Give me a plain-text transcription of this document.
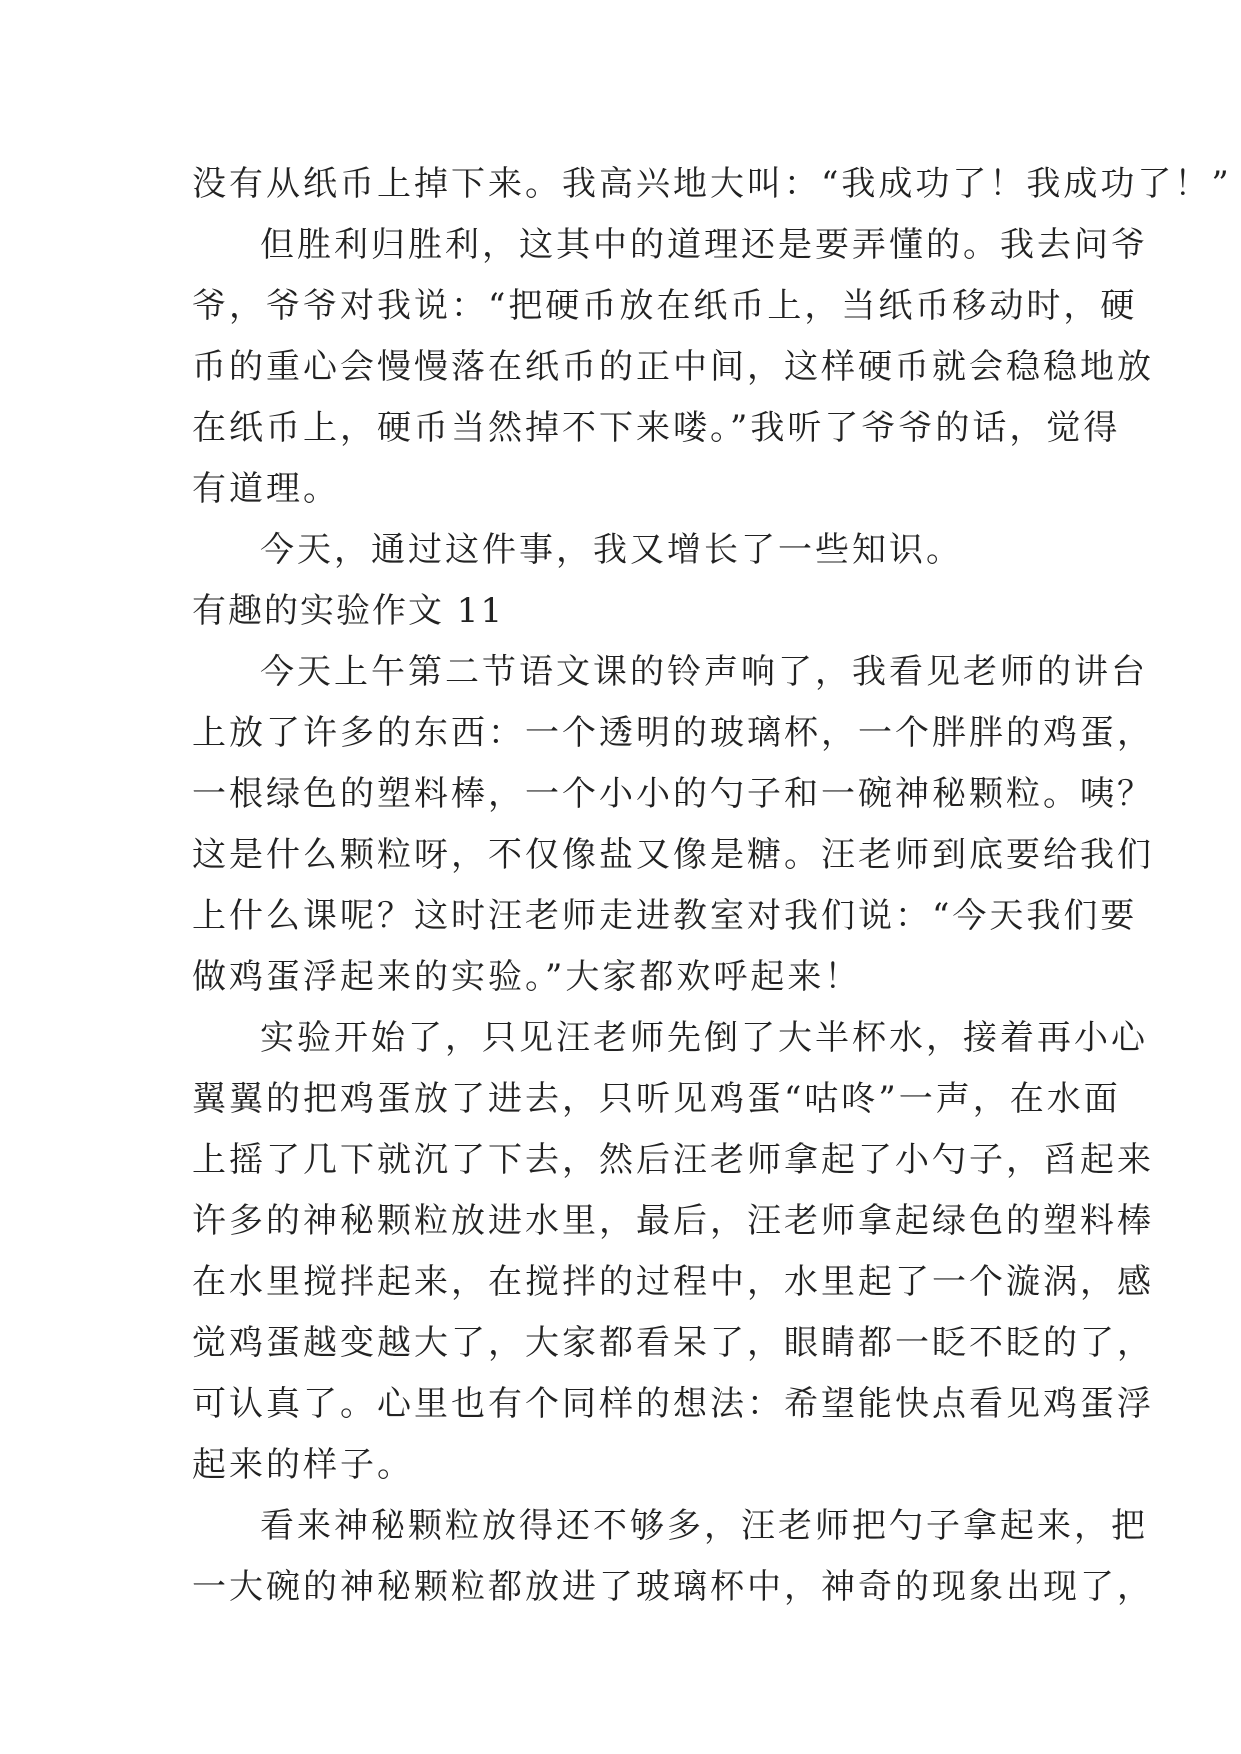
没有从纸币上掉下来。我高兴地大叫：“我成功了！我成功了！”
但胜利归胜利，这其中的道理还是要弄懂的。我去问爷
爷，爷爷对我说：“把硬币放在纸币上，当纸币移动时，硬
币的重心会慢慢落在纸币的正中间，这样硬币就会稳稳地放
在纸币上，硬币当然掉不下来喽。”我听了爷爷的话，觉得
有道理。
今天，通过这件事，我又增长了一些知识。
有趣的实验作文 11
今天上午第二节语文课的铃声响了，我看见老师的讲台
上放了许多的东西：一个透明的玻璃杯，一个胖胖的鸡蛋，
一根绿色的塑料棒，一个小小的勺子和一碗神秘颗粒。咦？
这是什么颗粒呀，不仅像盐又像是糖。汪老师到底要给我们
上什么课呢？这时汪老师走进教室对我们说：“今天我们要
做鸡蛋浮起来的实验。”大家都欢呼起来！
实验开始了，只见汪老师先倒了大半杯水，接着再小心
翼翼的把鸡蛋放了进去，只听见鸡蛋“咕咚”一声，在水面
上摇了几下就沉了下去，然后汪老师拿起了小勺子，舀起来
许多的神秘颗粒放进水里，最后，汪老师拿起绿色的塑料棒
在水里搅拌起来，在搅拌的过程中，水里起了一个漩涡，感
觉鸡蛋越变越大了，大家都看呆了，眼睛都一眨不眨的了，
可认真了。心里也有个同样的想法：希望能快点看见鸡蛋浮
起来的样子。
看来神秘颗粒放得还不够多，汪老师把勺子拿起来，把
一大碗的神秘颗粒都放进了玻璃杯中，神奇的现象出现了，
